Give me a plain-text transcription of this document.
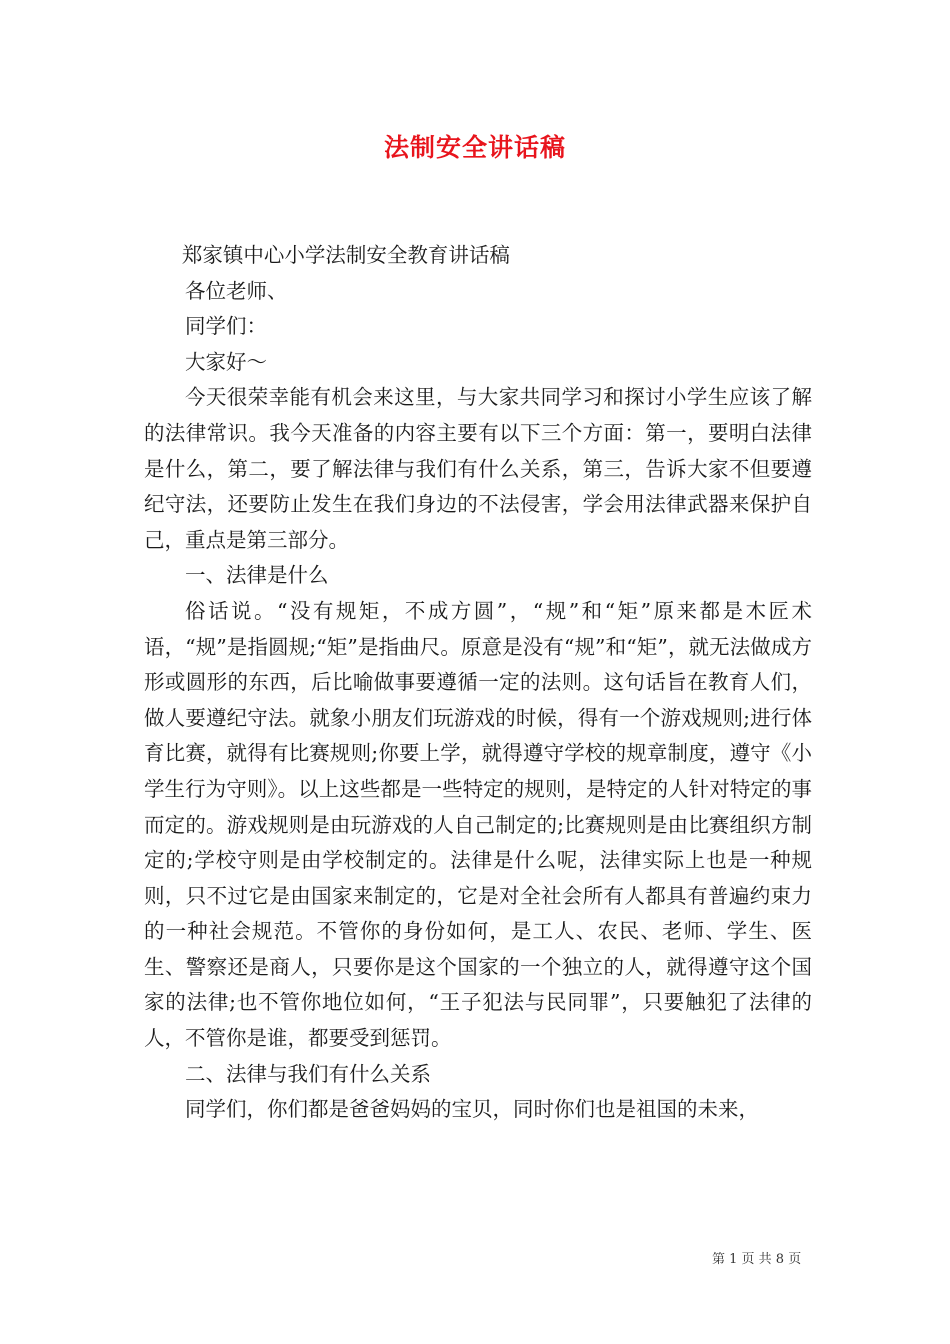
法制安全讲话稿

郑家镇中心小学法制安全教育讲话稿

各位老师、

同学们：

大家好～

今天很荣幸能有机会来这里，与大家共同学习和探讨小学生应该了解的法律常识。我今天准备的内容主要有以下三个方面：第一，要明白法律是什么，第二，要了解法律与我们有什么关系，第三，告诉大家不但要遵纪守法，还要防止发生在我们身边的不法侵害，学会用法律武器来保护自己，重点是第三部分。

一、法律是什么

俗话说。“没有规矩，不成方圆”，“规”和“矩”原来都是木匠术语，“规”是指圆规;“矩”是指曲尺。原意是没有“规”和“矩”，就无法做成方形或圆形的东西，后比喻做事要遵循一定的法则。这句话旨在教育人们，做人要遵纪守法。就象小朋友们玩游戏的时候，得有一个游戏规则;进行体育比赛，就得有比赛规则;你要上学，就得遵守学校的规章制度，遵守《小学生行为守则》。以上这些都是一些特定的规则，是特定的人针对特定的事而定的。游戏规则是由玩游戏的人自己制定的;比赛规则是由比赛组织方制定的;学校守则是由学校制定的。法律是什么呢，法律实际上也是一种规则，只不过它是由国家来制定的，它是对全社会所有人都具有普遍约束力的一种社会规范。不管你的身份如何，是工人、农民、老师、学生、医生、警察还是商人，只要你是这个国家的一个独立的人，就得遵守这个国家的法律;也不管你地位如何，“王子犯法与民同罪”，只要触犯了法律的人，不管你是谁，都要受到惩罚。

二、法律与我们有什么关系

同学们，你们都是爸爸妈妈的宝贝，同时你们也是祖国的未来，

第 1 页 共 8 页
